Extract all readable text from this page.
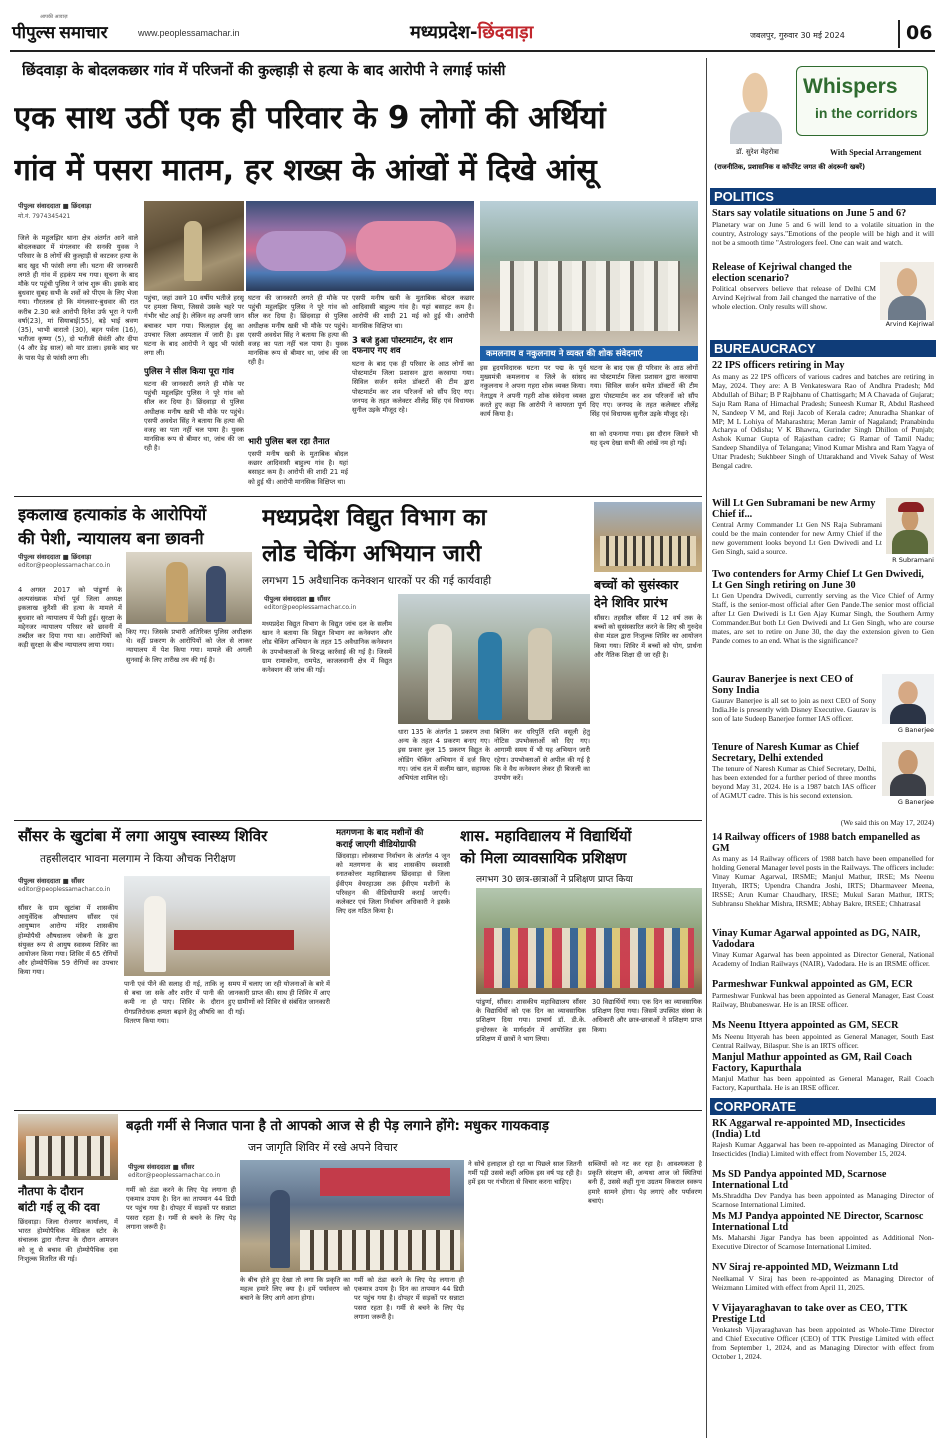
पीपुल्स समाचार
आपकी आवाज़
www.peoplessamachar.in	मध्यप्रदेश-छिंदवाड़ा	जबलपुर, गुरुवार 30 मई 2024	06
छिंदवाड़ा के बोदलकछार गांव में परिजनों की कुल्हाड़ी से हत्या के बाद आरोपी ने लगाई फांसी
एक साथ उठीं एक ही परिवार के 9 लोगों की अर्थियां
गांव में पसरा मातम, हर शख्स के आंखों में दिखे आंसू
पीपुल्स संवाददाता ■ छिंदवाड़ा
मो.नं. 7974345421
जिले के महुलझिर थाना क्षेत्र अंतर्गत आने वाले बोदलकछार में मंगलवार की सनकी युवक ने परिवार के 8 लोगों की कुल्हाड़ी से काटकर हत्या के बाद खुद भी फांसी लगा ली। घटना की जानकारी लगते ही गांव में हड़कंप मच गया। सूचना के बाद मौके पर पहुंची पुलिस ने जांच शुरू की। इसके बाद बुधवार सुबह सभी के शवों को पीएम के लिए भेजा गया। गौरतलब हो कि मंगलवार-बुधवार की रात करीब 2.30 बजे आरोपी दिनेश उर्फ भूरा ने पत्नी वर्षा(23), मां सियाबाई(55), बड़े भाई श्रवण (35), भाभी बारातो (30), बहन पर्वता (16), भतीजा कृष्णा (5), दो भतीजी सेवंती और दीपा (4 और डेढ़ साल) को मार डाला। इसके बाद घर के पास पेड़ से फांसी लगा ली।	कमलनाथ व नकुलनाथ ने व्यक्त की शोक संवेदनाएं
पहुंचा, जहां उसने 10 वर्षीय भतीजे हरसू पर हमला किया, जिससे उसके चहरे पर गंभीर चोट आई है। लेकिन वह अपनी जान बचाकर भाग गया। फिलहाल ईसू का उपचार जिला अस्पताल में जारी है। इस घटना के बाद आरोपी ने खुद भी फांसी लगा ली।
पुलिस ने सील किया पूरा गांव
घटना की जानकारी लगते ही मौके पर पहुंची महुलझिर पुलिस ने पूरे गांव को सील कर दिया है। छिंदवाड़ा से पुलिस अधीक्षक मनीष खत्री भी मौके पर पहुंचे। एसपी अवधेश सिंह ने बताया कि हत्या की वजह का पता नहीं चल पाया है। युवक मानसिक रूप से बीमार था, जांच की जा रही है।
घटना की जानकारी लगते ही मौके पर पहुंची महुलझिर पुलिस ने पूरे गांव को सील कर दिया है। छिंदवाड़ा से पुलिस अधीक्षक मनीष खत्री भी मौके पर पहुंचे। एसपी अवधेश सिंह ने बताया कि हत्या की वजह का पता नहीं चल पाया है। युवक मानसिक रूप से बीमार था, जांच की जा रही है।
भारी पुलिस बल रहा तैनात
एसपी मनीष खत्री के मुताबिक बोदल कछार आदिवासी बाहुल्य गांव है। यहां बसाहट कम है। आरोपी की शादी 21 मई को हुई थी। आरोपी मानसिक विक्षिप्त था।
एसपी मनीष खत्री के मुताबिक बोदल कछार आदिवासी बाहुल्य गांव है। यहां बसाहट कम है। आरोपी की शादी 21 मई को हुई थी। आरोपी मानसिक विक्षिप्त था।
3 बजे हुआ पोस्टमार्टम, देर शाम दफनाए गए शव
घटना के बाद एक ही परिवार के आठ लोगों का पोस्टमार्टम जिला प्रशासन द्वारा करवाया गया। सिविल सर्जन समेत डॉक्टरों की टीम द्वारा पोस्टमार्टम कर शव परिजनों को सौंप दिए गए। जनपद के तहत कलेक्टर शीलेंद्र सिंह एवं विधायक सुनील उइके मौजूद रहे।
इस हृदयविदारक घटना पर पद्म के पूर्व मुख्यमंत्री कमलनाथ व जिले के सांसद नकुलनाथ ने अपना गहरा शोक व्यक्त किया। नेताद्वय ने अपनी गहरी शोक संवेदना व्यक्त करते हुए कहा कि आरोपी ने कायरता पूर्ण कार्य किया है।
घटना के बाद एक ही परिवार के आठ लोगों का पोस्टमार्टम जिला प्रशासन द्वारा करवाया गया। सिविल सर्जन समेत डॉक्टरों की टीम द्वारा पोस्टमार्टम कर शव परिजनों को सौंप दिए गए। जनपद के तहत कलेक्टर शीलेंद्र सिंह एवं विधायक सुनील उइके मौजूद रहे।
सा को दफनाया गया। इस दौरान जिसने भी यह दृश्य देखा सभी की आंखें नम हो गईं।
इकलाख हत्याकांड के आरोपियों
की पेशी, न्यायालय बना छावनी
पीपुल्स संवाददाता ■ छिंदवाड़ा
editor@peoplessamachar.co.in
4 अगस्त 2017 को पांढुर्णा के अल्पसंख्यक मोर्चा पूर्व जिला अध्यक्ष इकलाख कुरैशी की हत्या के मामले में बुधवार को न्यायालय में पेशी हुई। सुरक्षा के मद्देनजर न्यायालय परिसर को छावनी में तब्दील कर दिया गया था। आरोपियों को कड़ी सुरक्षा के बीच न्यायालय लाया गया।
किए गए। जिसके प्रभारी अतिरिक्त पुलिस अधीक्षक थे। वहीं प्रकरण के आरोपियों को जेल से लाकर न्यायालय में पेश किया गया। मामले की अगली सुनवाई के लिए तारीख तय की गई है।
मध्यप्रदेश विद्युत विभाग का
लोड चेकिंग अभियान जारी
लगभग 15 अवैधानिक कनेक्शन धारकों पर की गई कार्यवाही
पीपुल्स संवाददाता ■ सौंसर
editor@peoplessamachar.co.in
मध्यप्रदेश विद्युत विभाग के विद्युत जांच दल के सलीम खान ने बताया कि विद्युत विभाग का कनेक्शन और लोड चेकिंग अभियान के तहत 15 अवैधानिक कनेक्शन के उपभोक्ताओं के विरुद्ध कार्रवाई की गई है। जिसमें ग्राम रामाकोना, रामपेठ, काजलवानी क्षेत्र में विद्युत कनेक्शन की जांच की गई।
धारा 135 के अंतर्गत 1 प्रकरण तथा अन्य के तहत 4 प्रकरण बनाए गए। इस प्रकार कुल 15 प्रकरण विद्युत के लोडिंग चेकिंग अभियान में दर्ज किए गए। जांच दल में सलीम खान, सहायक अभियंता शामिल रहे।
बिलिंग कर धरिपुर्ति राशि वसूली हेतु नोटिस उपभोक्ताओं को दिए गए। आगामी समय में भी यह अभियान जारी रहेगा। उपभोक्ताओं से अपील की गई है कि वे वैध कनेक्शन लेकर ही बिजली का उपयोग करें।
बच्चों को सुसंस्कार
देने शिविर प्रारंभ
सौंसर। तहसील सौंसर में 12 वर्ष तक के बच्चों को सुसंस्कारित करने के लिए श्री गुरुदेव सेवा मंडल द्वारा निःशुल्क शिविर का आयोजन किया गया। शिविर में बच्चों को योग, प्रार्थना और नैतिक शिक्षा दी जा रही है।
सौंसर के खुटांबा में लगा आयुष स्वास्थ्य शिविर
तहसीलदार भावना मलगाम ने किया औचक निरीक्षण
पीपुल्स संवाददाता ■ सौंसर
editor@peoplessamachar.co.in
सौंसर के ग्राम खुटांबा में शासकीय आयुर्वेदिक औषधालय सौंसर एवं आयुष्मान आरोग्य मंदिर शासकीय होम्योपैथी औषधालय जोबनी के द्वारा संयुक्त रूप से आयुष स्वास्थ्य शिविर का आयोजन किया गया। शिविर में 65 रोगियों और होम्योपैथिक 59 रोगियों का उपचार किया गया।
पानी एवं पीने की सलाह दी गई, ताकि लू से बचा जा सके और शरीर में पानी की कमी ना हो पाए। शिविर के दौरान रोगप्रतिरोधक क्षमता बढ़ाने हेतु औषधि का वितरण किया गया।
समय में चलाए जा रही योजनाओं के बारे में जानकारी प्राप्त की। साथ ही शिविर में आए हुए ग्रामीणों को शिविर से संबंधित जानकारी दी गई।
मतगणना के बाद मशीनों की
कराई जाएगी वीडियोग्राफी
छिंदवाड़ा। लोकसभा निर्वाचन के अंतर्गत 4 जून को मतगणना के बाद शासकीय स्वशासी स्नातकोत्तर महाविद्यालय छिंदवाड़ा से जिला ईवीएम वेयरहाउस तक ईवीएम मशीनों के परिवहन की वीडियोग्राफी कराई जाएगी। कलेक्टर एवं जिला निर्वाचन अधिकारी ने इसके लिए दल गठित किया है।
शास. महाविद्यालय में विद्यार्थियों
को मिला व्यावसायिक प्रशिक्षण
लगभग 30 छात्र-छात्राओं ने प्रशिक्षण प्राप्त किया
पांढुर्णा, सौंसर। शासकीय महाविद्यालय सौंसर के विद्यार्थियों को एक दिन का व्यावसायिक प्रशिक्षण दिया गया। प्राचार्य डॉ. डी.के. इन्दोरकर के मार्गदर्शन में आयोजित इस प्रशिक्षण में छात्रों ने भाग लिया।
30 विद्यार्थियों गया। एक दिन का व्यावसायिक प्रशिक्षण दिया गया। जिसमें उपस्थित संस्था के अधिकारी और छात्र-छात्राओं ने प्रशिक्षण प्राप्त किया।
नौतपा के दौरान
बांटी गई लू की दवा
छिंदवाड़ा। जिला रोजगार कार्यालय, में भारत होम्योपैथिक मेडिकल स्टोर के संचालक द्वारा नौतपा के दौरान आमजन को लू से बचाव की होम्योपैथिक दवा निःशुल्क वितरित की गई।
बढ़ती गर्मी से निजात पाना है तो आपको आज से ही पेड़ लगाने होंगे: मधुकर गायकवाड़
जन जागृति शिविर में रखे अपने विचार
पीपुल्स संवाददाता ■ सौंसर
editor@peoplessamachar.co.in
गर्मी को ठंडा करने के लिए पेड़ लगाना ही एकमात्र उपाय है। दिन का तापमान 44 डिग्री पर पहुंच गया है। दोपहर में सड़कों पर सन्नाटा पसरा रहता है। गर्मी से बचने के लिए पेड़ लगाना जरूरी है।
के बीच होते हुए देखा तो लगा कि प्रकृति का महत्व हमारे लिए क्या है। हमें पर्यावरण को बचाने के लिए आगे आना होगा।
गर्मी को ठंडा करने के लिए पेड़ लगाना ही एकमात्र उपाय है। दिन का तापमान 44 डिग्री पर पहुंच गया है। दोपहर में सड़कों पर सन्नाटा पसरा रहता है। गर्मी से बचने के लिए पेड़ लगाना जरूरी है।
ने सोचे हलाहाल हो रहा था पिछले साल जितनी गर्मी पड़ी उससे कहीं अधिक इस वर्ष पड़ रही है। हमें इस पर गंभीरता से विचार करना चाहिए।
सब्जियों को नट कर रहा है। आवश्यकता है प्रकृति संरक्षण की, अन्यथा आज जो स्थितियां बनी हैं, उससे कहीं गुना उग्रतम विकराल स्वरूप हमारे सामने होगा। पेड़ लगाएं और पर्यावरण बचाएं।
Whispers
in the corridors
डॉ. सुरेश मेहरोत्रा	With Special Arrangement
(राजनीतिक, प्रशासनिक व कॉर्पोरेट जगत की अंदरूनी खबरें)
POLITICS
Stars say volatile situations on June 5 and 6?
Planetary war on June 5 and 6 will lend to a volatile situation in the country, Astrology says."Emotions of the people will be high and it will not be a smooth time "Astrologers feel. One can wait and watch.
Release of Kejriwal changed the election scenario?
Political observers believe that release of Delhi CM Arvind Kejriwal from Jail changed the narrative of the whole election. Only results will show.
Arvind Kejriwal
BUREAUCRACY
22 IPS officers retiring in May
As many as 22 IPS officers of various cadres and batches are retiring in May, 2024. They are: A B Venkateswara Rao of Andhra Pradesh; Md Abdullah of Bihar; B P Rajbhanu of Chattisgarh; M A Chavada of Gujarat; Saju Ram Rana of Himachal Pradesh; Suneesh Kumar R, Abdul Rasheed N, Sandeep V M, and Reji Jacob of Kerala cadre; Anuradha Shankar of MP; M L Lohiya of Maharashtra; Meran Jamir of Nagaland; Pranabindu Acharya of Odisha; V K Bhawra, Gurinder Singh Dhillon of Punjab; Ashok Kumar Gupta of Rajasthan cadre; G Ramar of Tamil Nadu; Sandeep Shandilya of Telangana; Vinod Kumar Mishra and Ram Yagya of Uttar Pradesh; Sukhbeer Singh of Uttarakhand and Vivek Sahay of West Bengal cadre.
Will Lt Gen Subramani be new Army Chief if...
Central Army Commander Lt Gen NS Raja Subramani could be the main contender for new Army Chief if the new government looks beyond Lt Gen Dwivedi and Lt Gen Singh, said a source.
R Subramani
Two contenders for Army Chief Lt Gen Dwivedi, Lt Gen Singh retiring on June 30
Lt Gen Upendra Dwivedi, currently serving as the Vice Chief of Army Staff, is the senior-most official after Gen Pande.The senior most official after Lt Gen Dwivedi is Lt Gen Ajay Kumar Singh, the Southern Army Commander.But both Lt Gen Dwivedi and Lt Gen Singh, who are course mates, are set to retire on June 30, the day the extension given to Gen Pande comes to an end. What is the significance?
Gaurav Banerjee is next CEO of Sony India
Gaurav Banerjee is all set to join as next CEO of Sony India.He is presently with Disney Executive. Gaurav is son of late Sudeep Banerjee former IAS officer.
G Banerjee
Tenure of Naresh Kumar as Chief Secretary, Delhi extended
The tenure of Naresh Kumar as Chief Secretary, Delhi, has been extended for a further period of three months beyond May 31, 2024. He is a 1987 batch IAS officer of AGMUT cadre. This is his second extension.
G Banerjee
(We said this on May 17, 2024)
14 Railway officers of 1988 batch empanelled as GM
As many as 14 Railway officers of 1988 batch have been empanelled for holding General Manager level posts in the Railways. The officers include: Vinay Kumar Agarwal, IRSME; Manjul Mathur, IRSE; Ms Neenu Ittyerah, IRTS; Upendra Chandra Joshi, IRTS; Dharmaveer Meena, IRSSE; Arun Kumar Chaudhary, IRSE; Mukul Saran Mathur, IRTS; Subhransu Shekhar Mishra, IRSME; Abhay Bakre, IRSEE; Chhatrasal
Vinay Kumar Agarwal appointed as DG, NAIR, Vadodara
Vinay Kumar Agarwal has been appointed as Director General, National Academy of Indian Railways (NAIR), Vadodara. He is an IRSME officer.
Parmeshwar Funkwal appointed as GM, ECR
Parmeshwar Funkwal has been appointed as General Manager, East Coast Railway, Bhubaneswar. He is an IRSE officer.
Ms Neenu Ittyera appointed as GM, SECR
Ms Neenu Ittyerah has been appointed as General Manager, South East Central Railway, Bilaspur. She is an IRTS officer.
Manjul Mathur appointed as GM, Rail Coach Factory, Kapurthala
Manjul Mathur has been appointed as General Manager, Rail Coach Factory, Kapurthala. He is an IRSE officer.
CORPORATE
RK Aggarwal re-appointed MD, Insecticides (India) Ltd
Rajesh Kumar Aggarwal has been re-appointed as Managing Director of Insecticides (India) Limited with effect from November 15, 2024.
Ms SD Pandya appointed MD, Scarnose International Ltd
Ms.Shraddha Dev Pandya has been appointed as Managing Director of Scarnose International Limited.
Ms MJ Pandya appointed NE Director, Scarnosc International Ltd
Ms. Maharshi Jigar Pandya has been appointed as Additional Non-Executive Director of Scarnose International Limited.
NV Siraj re-appointed MD, Weizmann Ltd
Neelkamal V Siraj has been re-appointed as Managing Director of Weizmann Limited with effect from April 11, 2025.
V Vijayaraghavan to take over as CEO, TTK Prestige Ltd
Venkatesh Vijayaraghavan has been appointed as Whole-Time Director and Chief Executive Officer (CEO) of TTK Prestige Limited with effect from September 1, 2024, and as Managing Director with effect from October 1, 2024.
